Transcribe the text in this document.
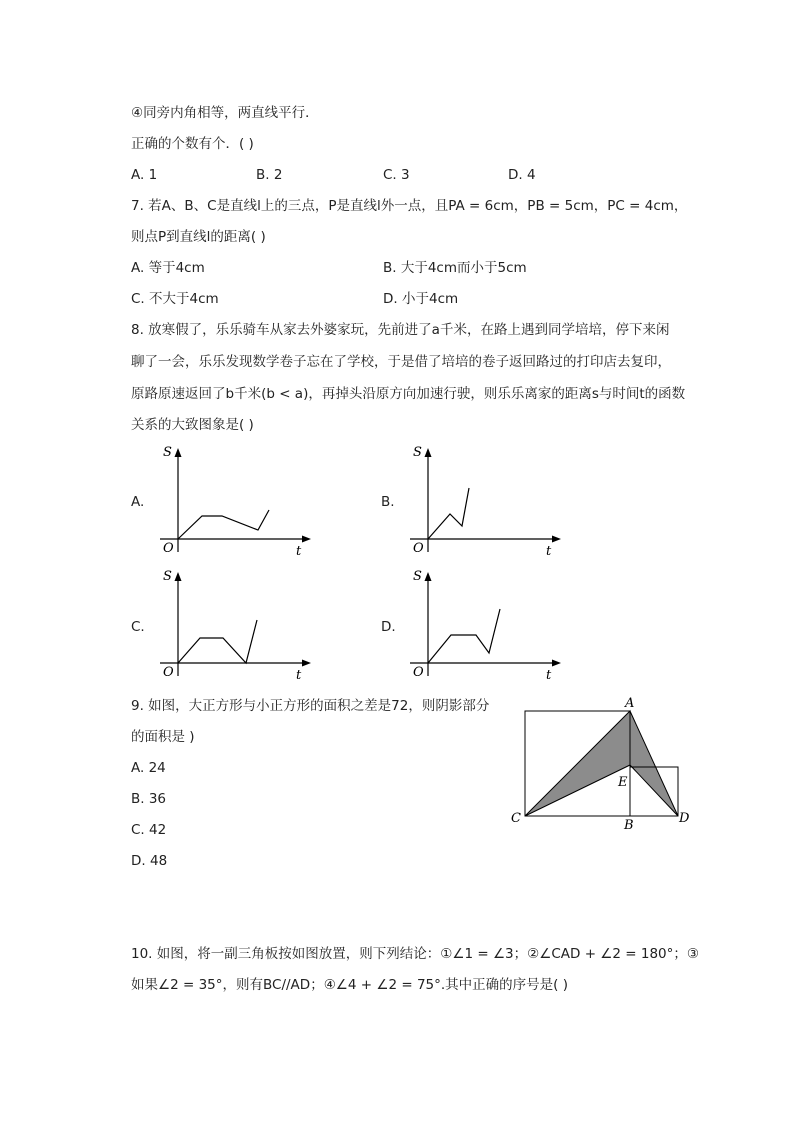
④同旁内角相等，两直线平行．
正确的个数有个．( )
A. 1	B. 2	C. 3	D. 4
7. 若A、B、C是直线l上的三点，P是直线l外一点，且PA = 6cm，PB = 5cm，PC = 4cm，
则点P到直线l的距离( )
A. 等于4cm	B. 大于4cm而小于5cm
C. 不大于4cm	D. 小于4cm
8. 放寒假了，乐乐骑车从家去外婆家玩，先前进了a千米，在路上遇到同学培培，停下来闲
聊了一会，乐乐发现数学卷子忘在了学校，于是借了培培的卷子返回路过的打印店去复印，
原路原速返回了b千米(b < a)，再掉头沿原方向加速行驶，则乐乐离家的距离s与时间t的函数
关系的大致图象是( )
A.	B.
C.	D.
S
O	t
S
O	t
S
O	t
S
O	t
9. 如图，大正方形与小正方形的面积之差是72，则阴影部分
的面积是 )
A. 24
B. 36
C. 42
D. 48
A
E
C	B	D
10. 如图，将一副三角板按如图放置，则下列结论：①∠1 = ∠3；②∠CAD + ∠2 = 180°；③
如果∠2 = 35°，则有BC//AD；④∠4 + ∠2 = 75°.其中正确的序号是( )
